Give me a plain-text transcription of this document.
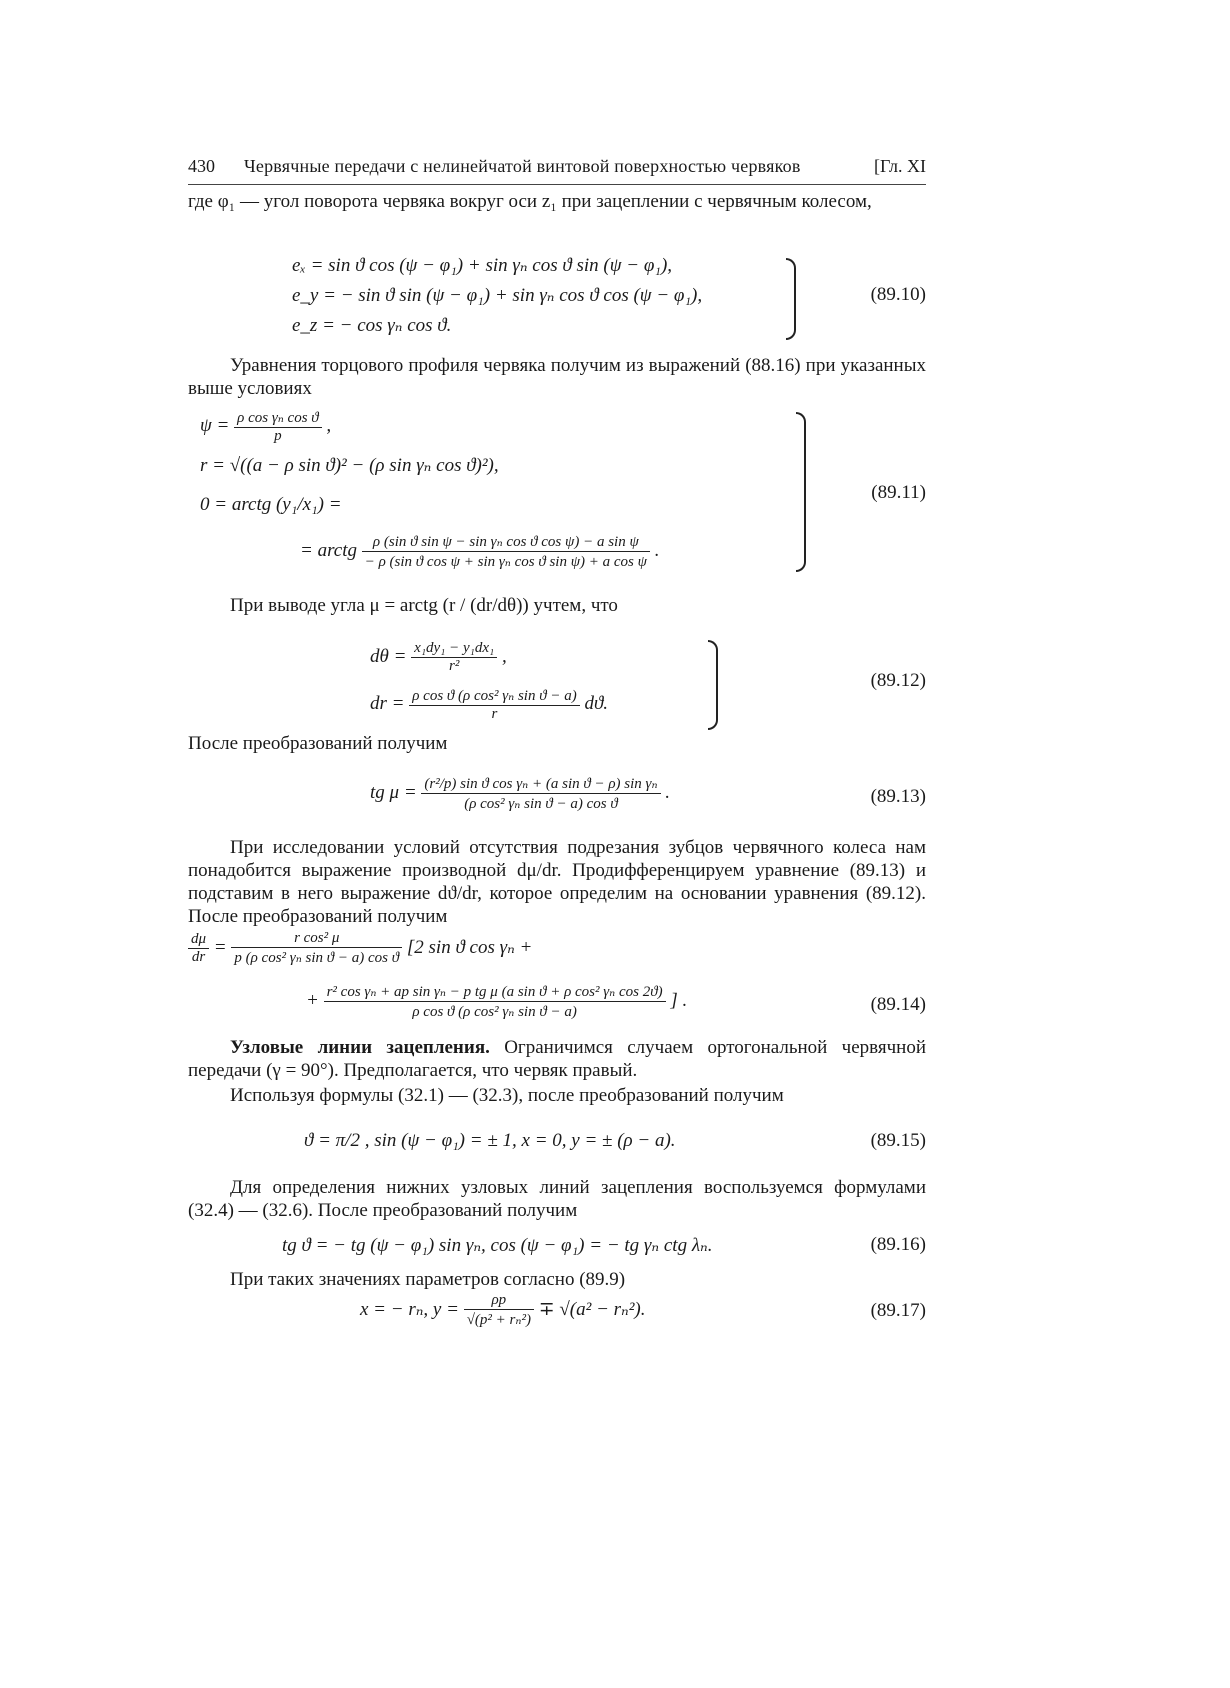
430 Червячные передачи с нелинейчатой винтовой поверхностью червяков	[Гл. XI
где φ₁ — угол поворота червяка вокруг оси z₁ при зацеплении с червячным колесом,
eₓ = sin ϑ cos (ψ − φ₁) + sin γₙ cos ϑ sin (ψ − φ₁),
e_y = − sin ϑ sin (ψ − φ₁) + sin γₙ cos ϑ cos (ψ − φ₁),
e_z = − cos γₙ cos ϑ.
(89.10)
Уравнения торцового профиля червяка получим из выражений (88.16) при указанных выше условиях
$\psi = \frac{\text{ρ cos γₙ cos ϑ}}{p}$ ,
r = √((a − ρ sin ϑ)² − (ρ sin γₙ cos ϑ)²),
0 = arctg (y₁/x₁) =
= arctg $\frac{\text{ρ (sin ϑ sin ψ − sin γₙ cos ϑ cos ψ) − a sin ψ}}{\text{− ρ (sin ϑ cos ψ + sin γₙ cos ϑ sin ψ) + a cos ψ}}$ .
(89.11)
При выводе угла μ = arctg (r / (dr/dθ)) учтем, что
$d\theta = \frac{\text{x₁dy₁ − y₁dx₁}}{\text{r²}}$ ,
dr = $\frac{\text{ρ cos ϑ (ρ cos² γₙ sin ϑ − a)}}{r} dϑ$.
(89.12)
После преобразований получим
tg $\mu = \frac{\text{(r²/p) sin ϑ cos γₙ + (a sin ϑ − ρ) sin γₙ}}{\text{(ρ cos² γₙ sin ϑ − a) cos ϑ}}$ .	(89.13)
При исследовании условий отсутствия подрезания зубцов червячного колеса нам понадобится выражение производной dμ/dr. Продифференцируем уравнение (89.13) и подставим в него выражение dϑ/dr, которое определим на основании уравнения (89.12). После преобразований получим
$\frac{d\mu}{dr} = \frac{\text{r cos² μ}}{\text{p (ρ cos² γₙ sin ϑ − a) cos ϑ}} [2$ sin ϑ cos γₙ +
+ $\frac{\text{r² cos γₙ + ap sin γₙ − p tg μ (a sin ϑ + ρ cos² γₙ cos 2ϑ)}}{\text{ρ cos ϑ (ρ cos² γₙ sin ϑ − a)}}$ ] .	(89.14)
Узловые линии зацепления. Ограничимся случаем ортогональной червячной передачи (γ = 90°). Предполагается, что червяк правый.
Используя формулы (32.1) — (32.3), после преобразований получим
ϑ = π/2 , sin (ψ − φ₁) = ± 1, x = 0, y = ± (ρ − a).	(89.15)
Для определения нижних узловых линий зацепления воспользуемся формулами (32.4) — (32.6). После преобразований получим
tg ϑ = − tg (ψ − φ₁) sin γₙ, cos (ψ − φ₁) = − tg γₙ ctg λₙ.	(89.16)
При таких значениях параметров согласно (89.9)
x = − rₙ, $y = \frac{\rho p}{\text{√(p² + rₙ²)}} \mp √(a^2 - r_n^2)$.	(89.17)
